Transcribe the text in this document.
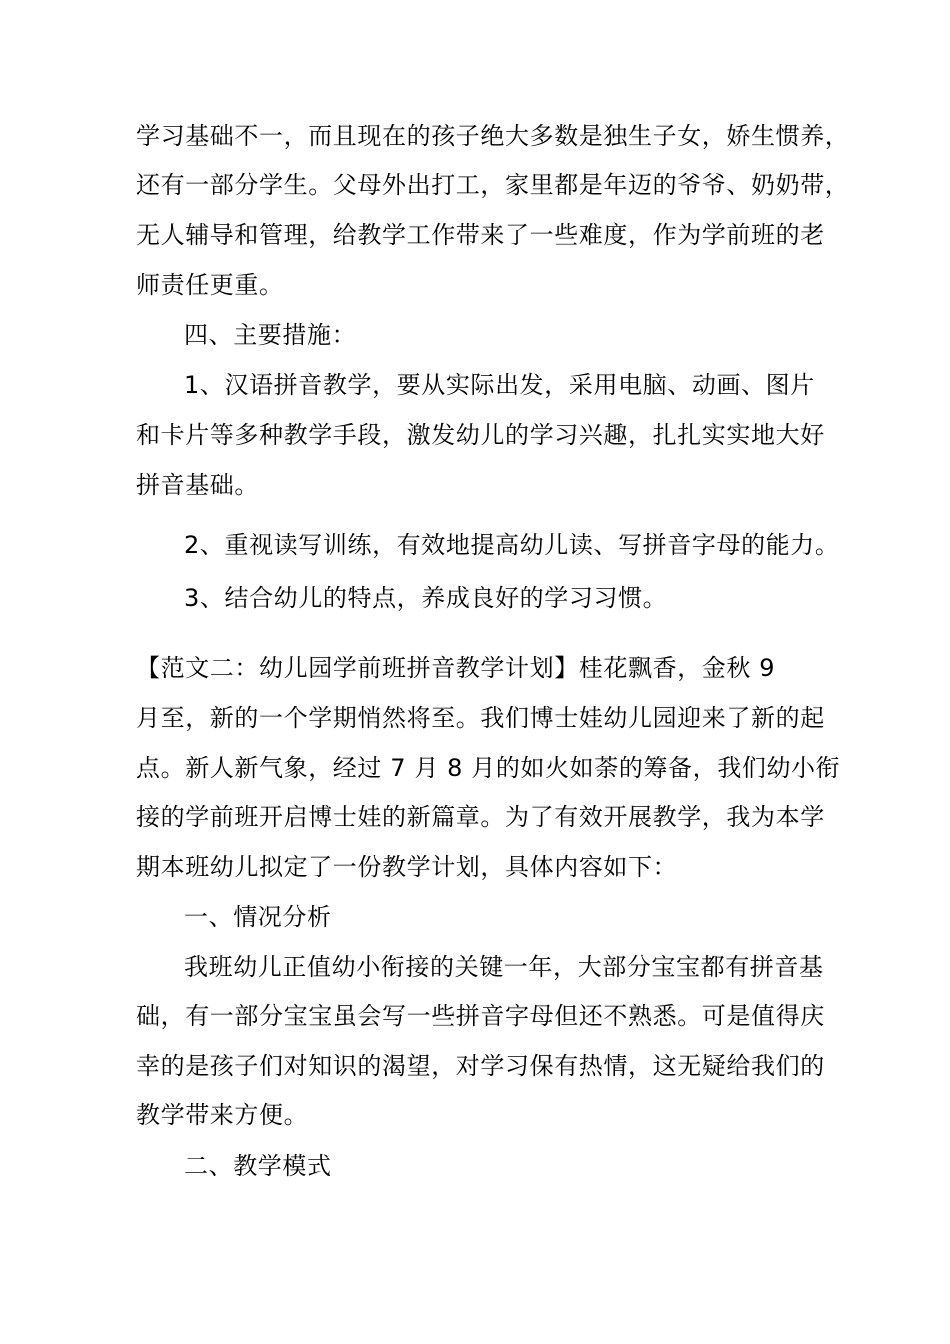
学习基础不一，而且现在的孩子绝大多数是独生子女，娇生惯养，
还有一部分学生。父母外出打工，家里都是年迈的爷爷、奶奶带，
无人辅导和管理，给教学工作带来了一些难度，作为学前班的老
师责任更重。
四、主要措施：
1、汉语拼音教学，要从实际出发，采用电脑、动画、图片
和卡片等多种教学手段，激发幼儿的学习兴趣，扎扎实实地大好
拼音基础。
2、重视读写训练，有效地提高幼儿读、写拼音字母的能力。
3、结合幼儿的特点，养成良好的学习习惯。
【范文二：幼儿园学前班拼音教学计划】桂花飘香，金秋 9
月至，新的一个学期悄然将至。我们博士娃幼儿园迎来了新的起
点。新人新气象，经过 7 月 8 月的如火如荼的筹备，我们幼小衔
接的学前班开启博士娃的新篇章。为了有效开展教学，我为本学
期本班幼儿拟定了一份教学计划，具体内容如下：
一、情况分析
我班幼儿正值幼小衔接的关键一年，大部分宝宝都有拼音基
础，有一部分宝宝虽会写一些拼音字母但还不熟悉。可是值得庆
幸的是孩子们对知识的渴望，对学习保有热情，这无疑给我们的
教学带来方便。
二、教学模式
